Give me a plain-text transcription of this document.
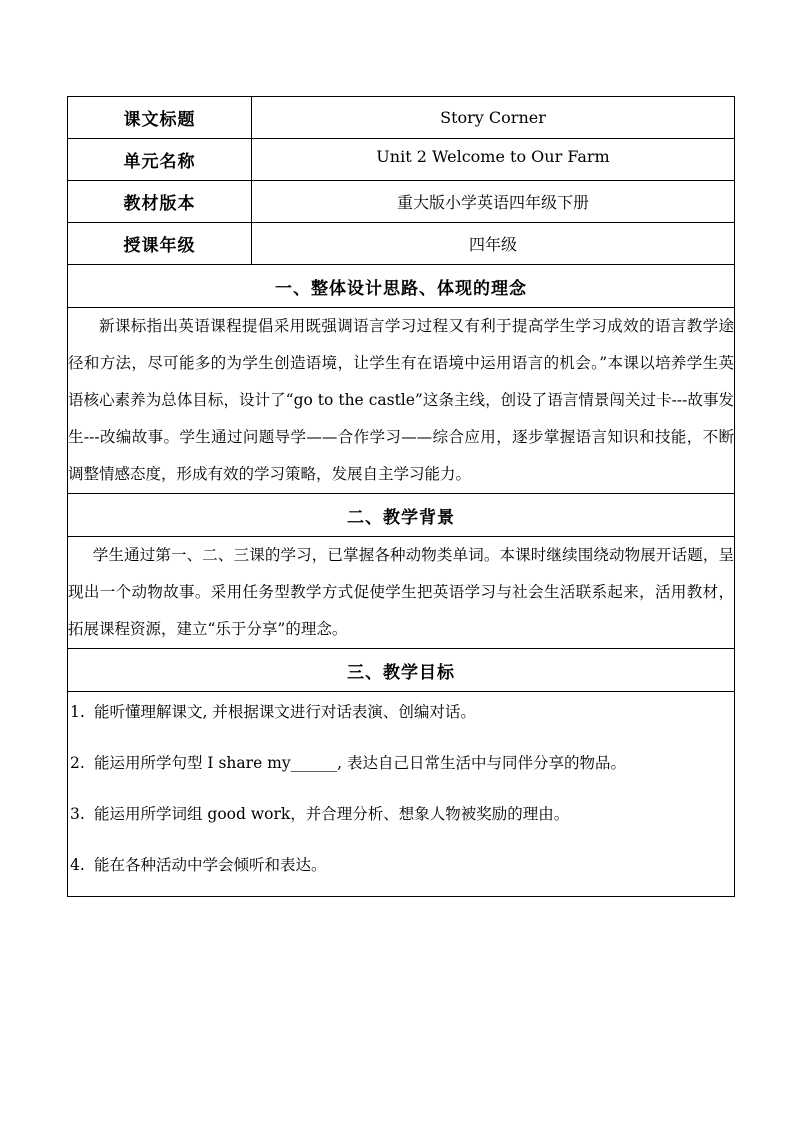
课文标题	Story Corner
单元名称	Unit 2 Welcome to Our Farm
教材版本	重大版小学英语四年级下册
授课年级	四年级
一、整体设计思路、体现的理念	

新课标指出英语课程提倡采用既强调语言学习过程又有利于提高学生学习成效的语言教学途径和方法，尽可能多的为学生创造语境，让学生有在语境中运用语言的机会。”本课以培养学生英语核心素养为总体目标，设计了“go to the castle”这条主线，创设了语言情景闯关过卡---故事发生---改编故事。学生通过问题导学——合作学习——综合应用，逐步掌握语言知识和技能，不断调整情感态度，形成有效的学习策略，发展自主学习能力。	

二、教学背景	

学生通过第一、二、三课的学习，已掌握各种动物类单词。本课时继续围绕动物展开话题，呈现出一个动物故事。采用任务型教学方式促使学生把英语学习与社会生活联系起来，活用教材，拓展课程资源，建立“乐于分享”的理念。	

三、教学目标	

1. 能听懂理解课文, 并根据课文进行对话表演、创编对话。
2. 能运用所学句型 I share my______, 表达自己日常生活中与同伴分享的物品。
3. 能运用所学词组 good work，并合理分析、想象人物被奖励的理由。
4. 能在各种活动中学会倾听和表达。	
